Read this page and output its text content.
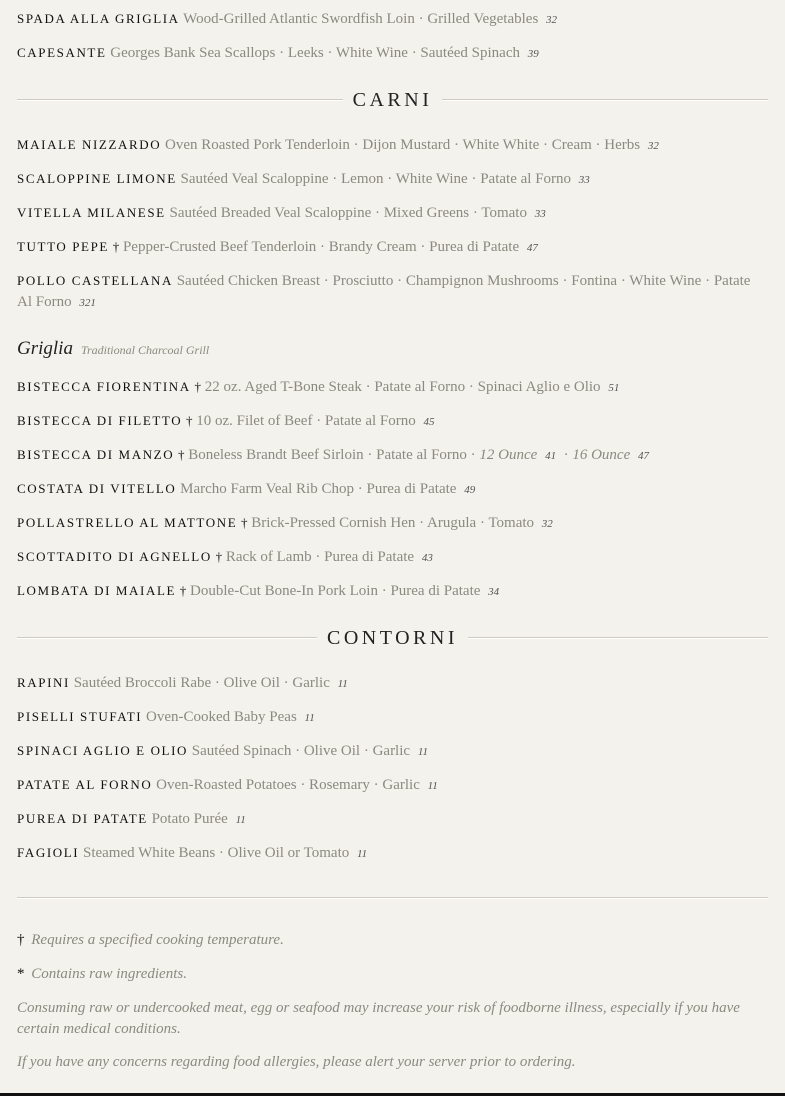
SPADA ALLA GRIGLIA Wood-Grilled Atlantic Swordfish Loin · Grilled Vegetables 32
CAPESANTE Georges Bank Sea Scallops · Leeks · White Wine · Sautéed Spinach 39
CARNI
MAIALE NIZZARDO Oven Roasted Pork Tenderloin · Dijon Mustard · White White · Cream · Herbs 32
SCALOPPINE LIMONE Sautéed Veal Scaloppine · Lemon · White Wine · Patate al Forno 33
VITELLA MILANESE Sautéed Breaded Veal Scaloppine · Mixed Greens · Tomato 33
TUTTO PEPE † Pepper-Crusted Beef Tenderloin · Brandy Cream · Purea di Patate 47
POLLO CASTELLANA Sautéed Chicken Breast · Prosciutto · Champignon Mushrooms · Fontina · White Wine · Patate Al Forno 321
Griglia Traditional Charcoal Grill
BISTECCA FIORENTINA † 22 oz. Aged T-Bone Steak · Patate al Forno · Spinaci Aglio e Olio 51
BISTECCA DI FILETTO † 10 oz. Filet of Beef · Patate al Forno 45
BISTECCA DI MANZO † Boneless Brandt Beef Sirloin · Patate al Forno · 12 Ounce 41  · 16 Ounce 47
COSTATA DI VITELLO Marcho Farm Veal Rib Chop · Purea di Patate 49
POLLASTRELLO AL MATTONE † Brick-Pressed Cornish Hen · Arugula · Tomato 32
SCOTTADITO DI AGNELLO † Rack of Lamb · Purea di Patate 43
LOMBATA DI MAIALE † Double-Cut Bone-In Pork Loin · Purea di Patate 34
CONTORNI
RAPINI Sautéed Broccoli Rabe · Olive Oil · Garlic 11
PISELLI STUFATI Oven-Cooked Baby Peas 11
SPINACI AGLIO E OLIO Sautéed Spinach · Olive Oil · Garlic 11
PATATE AL FORNO Oven-Roasted Potatoes · Rosemary · Garlic 11
PUREA DI PATATE Potato Purée 11
FAGIOLI Steamed White Beans · Olive Oil or Tomato 11
† Requires a specified cooking temperature.
* Contains raw ingredients.
Consuming raw or undercooked meat, egg or seafood may increase your risk of foodborne illness, especially if you have certain medical conditions.
If you have any concerns regarding food allergies, please alert your server prior to ordering.
